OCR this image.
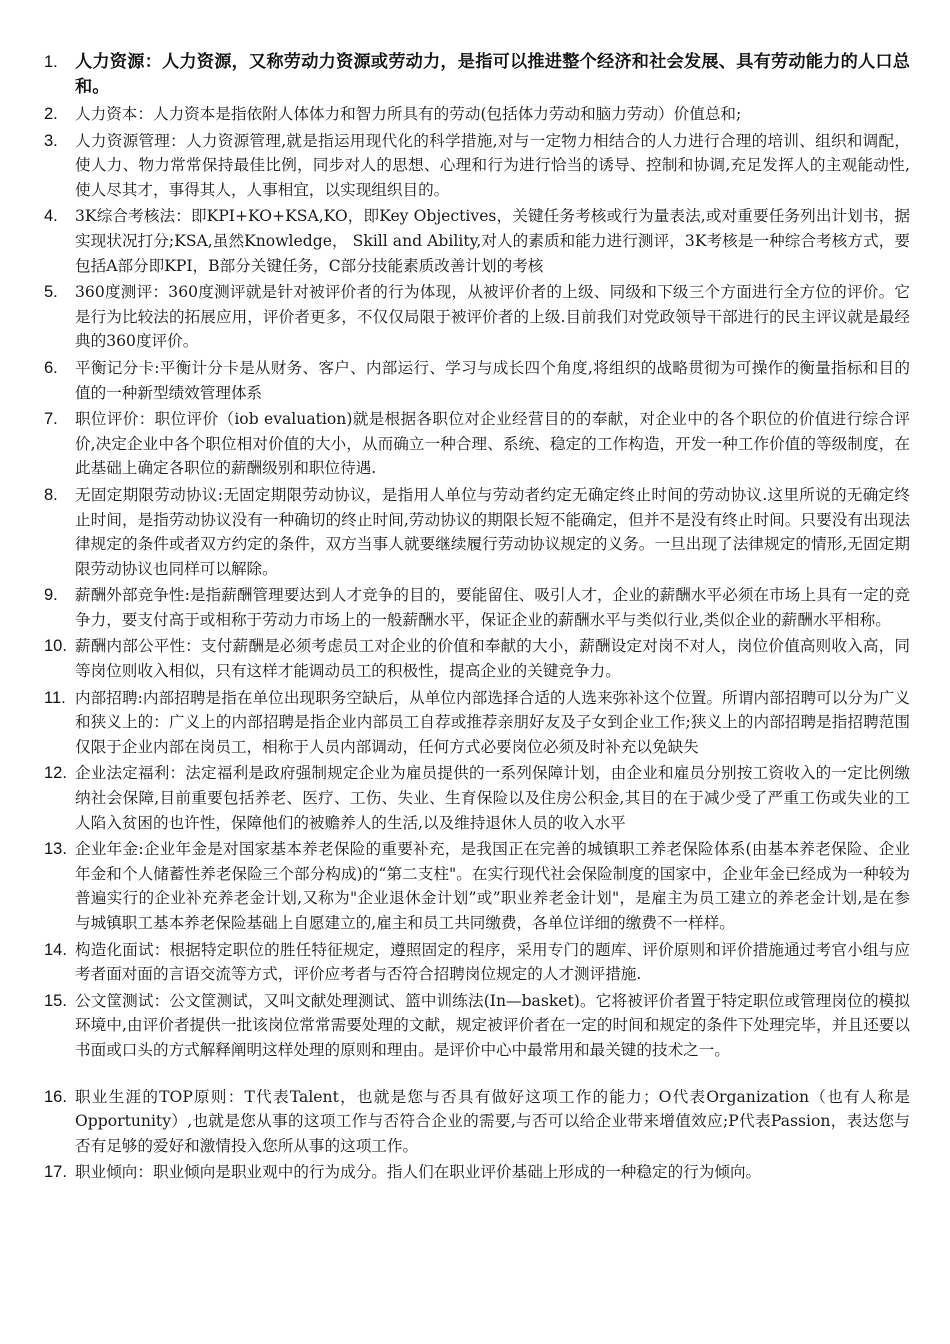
1. 人力资源：人力资源，又称劳动力资源或劳动力，是指可以推进整个经济和社会发展、具有劳动能力的人口总和。
2. 人力资本：人力资本是指依附人体体力和智力所具有的劳动(包括体力劳动和脑力劳动）价值总和;
3. 人力资源管理：人力资源管理,就是指运用现代化的科学措施,对与一定物力相结合的人力进行合理的培训、组织和调配，使人力、物力常常保持最佳比例，同步对人的思想、心理和行为进行恰当的诱导、控制和协调,充足发挥人的主观能动性,使人尽其才，事得其人，人事相宜，以实现组织目的。
4. 3K综合考核法：即KPI+KO+KSA,KO，即Key Objectives，关键任务考核或行为量表法,或对重要任务列出计划书，据实现状况打分;KSA,虽然Knowledge， Skill and Ability,对人的素质和能力进行测评，3K考核是一种综合考核方式，要包括A部分即KPI，B部分关键任务，C部分技能素质改善计划的考核
5. 360度测评：360度测评就是针对被评价者的行为体现，从被评价者的上级、同级和下级三个方面进行全方位的评价。它是行为比较法的拓展应用，评价者更多，不仅仅局限于被评价者的上级.目前我们对党政领导干部进行的民主评议就是最经典的360度评价。
6. 平衡记分卡:平衡计分卡是从财务、客户、内部运行、学习与成长四个角度,将组织的战略贯彻为可操作的衡量指标和目的值的一种新型绩效管理体系
7. 职位评价：职位评价（iob evaluation)就是根据各职位对企业经营目的的奉献，对企业中的各个职位的价值进行综合评价,决定企业中各个职位相对价值的大小，从而确立一种合理、系统、稳定的工作构造，开发一种工作价值的等级制度，在此基础上确定各职位的薪酬级别和职位待遇.
8. 无固定期限劳动协议:无固定期限劳动协议，是指用人单位与劳动者约定无确定终止时间的劳动协议.这里所说的无确定终止时间，是指劳动协议没有一种确切的终止时间,劳动协议的期限长短不能确定，但并不是没有终止时间。只要没有出现法律规定的条件或者双方约定的条件，双方当事人就要继续履行劳动协议规定的义务。一旦出现了法律规定的情形,无固定期限劳动协议也同样可以解除。
9. 薪酬外部竞争性:是指薪酬管理要达到人才竞争的目的，要能留住、吸引人才，企业的薪酬水平必须在市场上具有一定的竞争力，要支付高于或相称于劳动力市场上的一般薪酬水平，保证企业的薪酬水平与类似行业,类似企业的薪酬水平相称。
10. 薪酬内部公平性：支付薪酬是必须考虑员工对企业的价值和奉献的大小，薪酬设定对岗不对人，岗位价值高则收入高，同等岗位则收入相似，只有这样才能调动员工的积极性，提高企业的关键竞争力。
11. 内部招聘:内部招聘是指在单位出现职务空缺后，从单位内部选择合适的人选来弥补这个位置。所谓内部招聘可以分为广义和狭义上的：广义上的内部招聘是指企业内部员工自荐或推荐亲朋好友及子女到企业工作;狭义上的内部招聘是指招聘范围仅限于企业内部在岗员工，相称于人员内部调动，任何方式必要岗位必须及时补充以免缺失
12. 企业法定福利：法定福利是政府强制规定企业为雇员提供的一系列保障计划，由企业和雇员分别按工资收入的一定比例缴纳社会保障,目前重要包括养老、医疗、工伤、失业、生育保险以及住房公积金,其目的在于减少受了严重工伤或失业的工人陷入贫困的也许性，保障他们的被赡养人的生活,以及维持退休人员的收入水平
13. 企业年金:企业年金是对国家基本养老保险的重要补充，是我国正在完善的城镇职工养老保险体系(由基本养老保险、企业年金和个人储蓄性养老保险三个部分构成)的“第二支柱"。在实行现代社会保险制度的国家中，企业年金已经成为一种较为普遍实行的企业补充养老金计划,又称为"企业退休金计划”或”职业养老金计划"，是雇主为员工建立的养老金计划,是在参与城镇职工基本养老保险基础上自愿建立的,雇主和员工共同缴费，各单位详细的缴费不一样样。
14. 构造化面试：根据特定职位的胜任特征规定，遵照固定的程序，采用专门的题库、评价原则和评价措施通过考官小组与应考者面对面的言语交流等方式，评价应考者与否符合招聘岗位规定的人才测评措施.
15. 公文筐测试：公文筐测试，又叫文献处理测试、篮中训练法(In—basket)。它将被评价者置于特定职位或管理岗位的模拟环境中,由评价者提供一批该岗位常常需要处理的文献，规定被评价者在一定的时间和规定的条件下处理完毕，并且还要以书面或口头的方式解释阐明这样处理的原则和理由。是评价中心中最常用和最关键的技术之一。
16. 职业生涯的TOP原则：T代表Talent，也就是您与否具有做好这项工作的能力；O代表Organization（也有人称是Opportunity）,也就是您从事的这项工作与否符合企业的需要,与否可以给企业带来增值效应;P代表Passion，表达您与否有足够的爱好和激情投入您所从事的这项工作。
17. 职业倾向：职业倾向是职业观中的行为成分。指人们在职业评价基础上形成的一种稳定的行为倾向。
